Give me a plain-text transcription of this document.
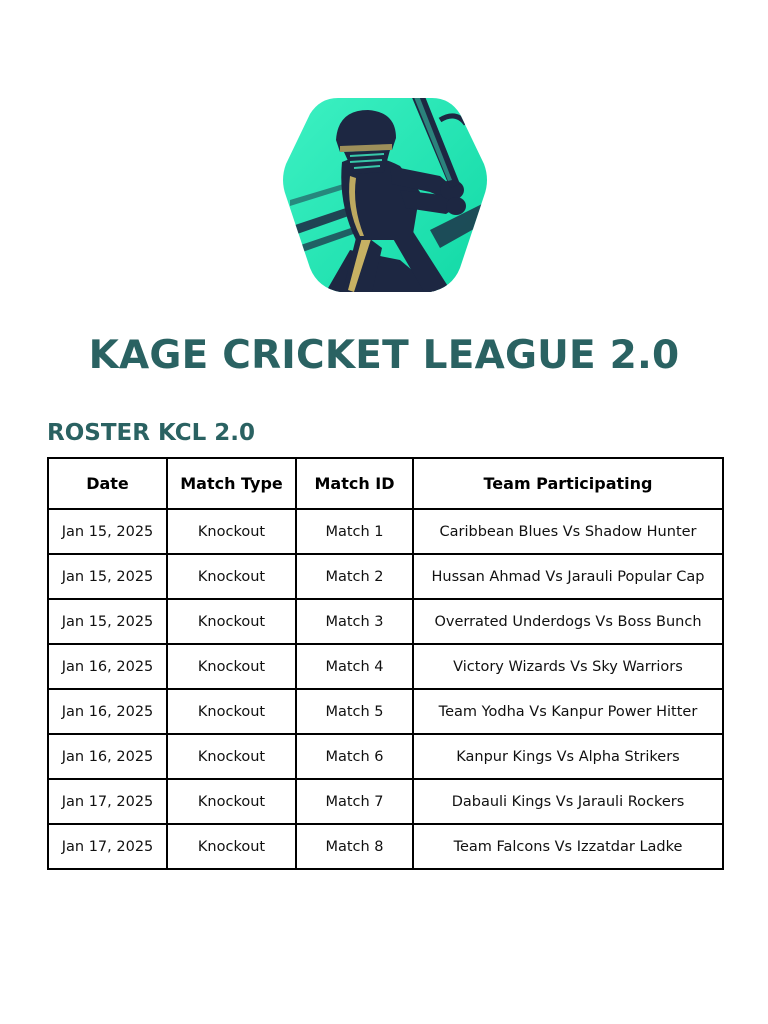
KAGE CRICKET LEAGUE 2.0
ROSTER KCL 2.0
Date	Match Type	Match ID	Team Participating
Jan 15, 2025	Knockout	Match 1	Caribbean Blues Vs Shadow Hunter
Jan 15, 2025	Knockout	Match 2	Hussan Ahmad Vs Jarauli Popular Cap
Jan 15, 2025	Knockout	Match 3	Overrated Underdogs Vs Boss Bunch
Jan 16, 2025	Knockout	Match 4	Victory Wizards Vs Sky Warriors
Jan 16, 2025	Knockout	Match 5	Team Yodha Vs Kanpur Power Hitter
Jan 16, 2025	Knockout	Match 6	Kanpur Kings Vs Alpha Strikers
Jan 17, 2025	Knockout	Match 7	Dabauli Kings Vs Jarauli Rockers
Jan 17, 2025	Knockout	Match 8	Team Falcons Vs Izzatdar Ladke
